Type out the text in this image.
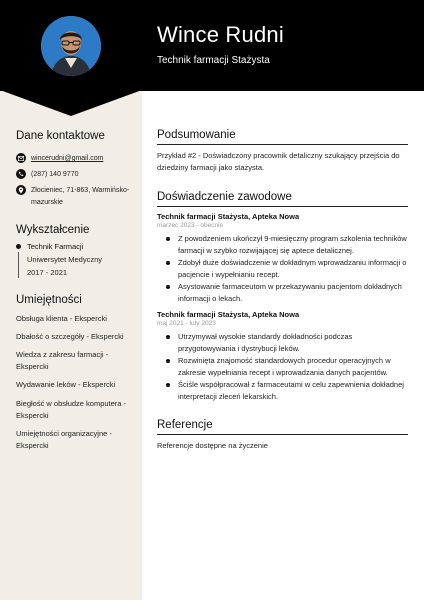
Wince Rudni
Technik farmacji Stażysta
Dane kontaktowe
wincerudni@gmail.com
(287) 140 9770
Złocieniec, 71-863, Warmińsko-mazurskie
Wykształcenie
Technik Farmacji
Uniwersytet Medyczny
2017 - 2021
Umiejętności
Obsługa klienta - Ekspercki
Dbałość o szczegóły - Ekspercki
Wiedza z zakresu farmacji - Ekspercki
Wydawanie leków - Ekspercki
Biegłość w obsłudze komputera - Ekspercki
Umiejętności organizacyjne - Ekspercki
Podsumowanie
Przykład #2 - Doświadczony pracownik detaliczny szukający przejścia do dziedziny farmacji jako stażysta.
Doświadczenie zawodowe
Technik farmacji Stażysta, Apteka Nowa
marzec 2023 - obecnie
Z powodzeniem ukończył 9-miesięczny program szkolenia techników farmacji w szybko rozwijającej się aptece detalicznej.
Zdobył duże doświadczenie w dokładnym wprowadzaniu informacji o pacjencie i wypełnianiu recept.
Asystowanie farmaceutom w przekazywaniu pacjentom dokładnych informacji o lekach.
Technik farmacji Stażysta, Apteka Nowa
maj 2021 - luty 2023
Utrzymywał wysokie standardy dokładności podczas przygotowywania i dystrybucji leków.
Rozwinięta znajomość standardowych procedur operacyjnych w zakresie wypełniania recept i wprowadzania danych pacjentów.
Ściśle współpracował z farmaceutami w celu zapewnienia dokładnej interpretacji zleceń lekarskich.
Referencje
Referencje dostępne na życzenie
